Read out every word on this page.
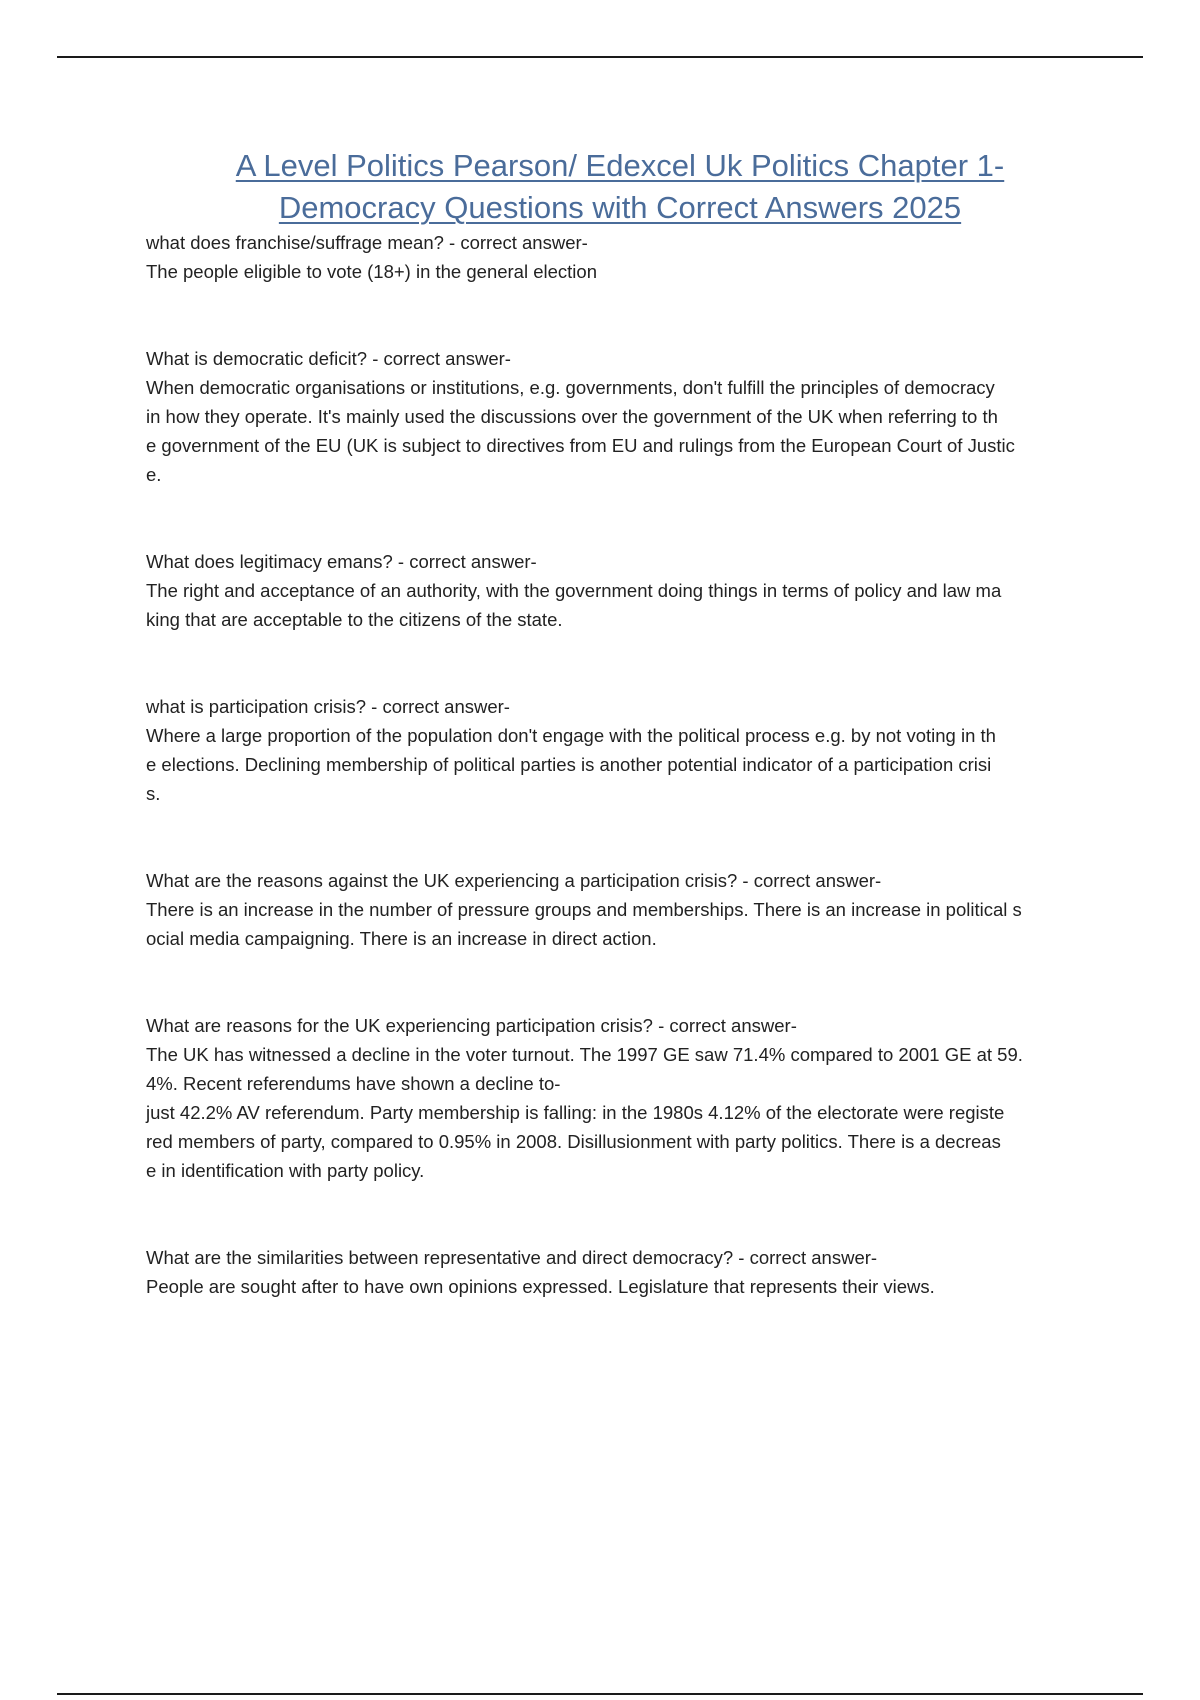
A Level Politics Pearson/ Edexcel Uk Politics Chapter 1-
Democracy Questions with Correct Answers 2025

what does franchise/suffrage mean? - correct answer-

The people eligible to vote (18+) in the general election

What is democratic deficit? - correct answer-

When democratic organisations or institutions, e.g. governments, don't fulfill the principles of democracy
in how they operate. It's mainly used the discussions over the government of the UK when referring to th
e government of the EU (UK is subject to directives from EU and rulings from the European Court of Justic
e.

What does legitimacy emans? - correct answer-

The right and acceptance of an authority, with the government doing things in terms of policy and law ma
king that are acceptable to the citizens of the state.

what is participation crisis? - correct answer-

Where a large proportion of the population don't engage with the political process e.g. by not voting in th
e elections. Declining membership of political parties is another potential indicator of a participation crisi
s.

What are the reasons against the UK experiencing a participation crisis? - correct answer-

There is an increase in the number of pressure groups and memberships. There is an increase in political s
ocial media campaigning. There is an increase in direct action.

What are reasons for the UK experiencing participation crisis? - correct answer-

The UK has witnessed a decline in the voter turnout. The 1997 GE saw 71.4% compared to 2001 GE at 59.
4%. Recent referendums have shown a decline to-
just 42.2% AV referendum. Party membership is falling: in the 1980s 4.12% of the electorate were registe
red members of party, compared to 0.95% in 2008. Disillusionment with party politics. There is a decreas
e in identification with party policy.

What are the similarities between representative and direct democracy? - correct answer-

People are sought after to have own opinions expressed. Legislature that represents their views.
